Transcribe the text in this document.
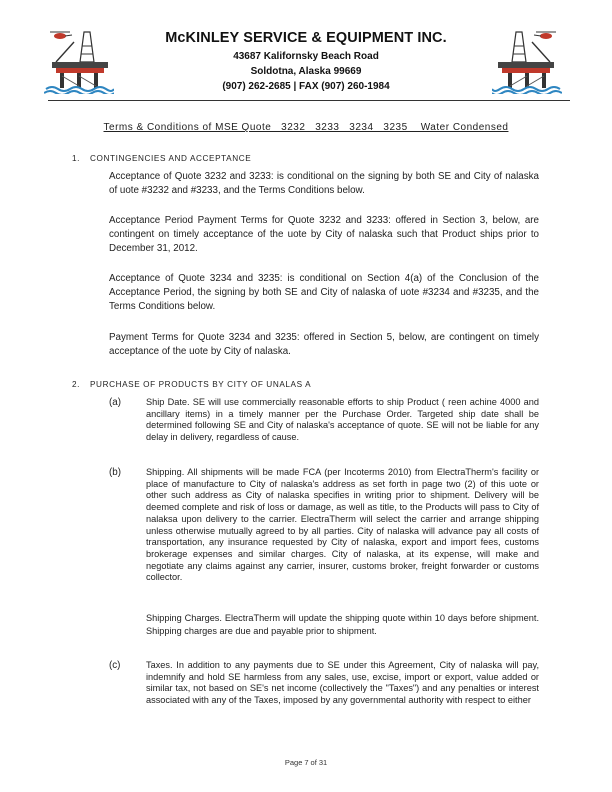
McKINLEY SERVICE & EQUIPMENT INC.
43687 Kalifornsky Beach Road
Soldotna, Alaska 99669
(907) 262-2685 | FAX (907) 260-1984
Terms & Conditions of MSE Quote   3232   3233   3234   3235    Water Condensed
1. CONTINGENCIES AND ACCEPTANCE
Acceptance of Quote 3232 and 3233: is conditional on the signing by both SE and City of nalaska of uote #3232 and #3233, and the Terms Conditions below.
Acceptance Period Payment Terms for Quote 3232 and 3233: offered in Section 3, below, are contingent on timely acceptance of the uote by City of nalaska such that Product ships prior to December 31, 2012.
Acceptance of Quote 3234 and 3235: is conditional on Section 4(a) of the Conclusion of the Acceptance Period, the signing by both SE and City of nalaska of uote #3234 and #3235, and the Terms Conditions below.
Payment Terms for Quote 3234 and 3235: offered in Section 5, below, are contingent on timely acceptance of the uote by City of nalaska.
2. PURCHASE OF PRODUCTS BY CITY OF UNALAS A
(a)	Ship Date. SE will use commercially reasonable efforts to ship Product ( reen achine 4000 and ancillary items) in a timely manner per the Purchase Order. Targeted ship date shall be determined following SE and City of nalaska's acceptance of quote. SE will not be liable for any delay in delivery, regardless of cause.
(b)	Shipping. All shipments will be made FCA (per Incoterms 2010) from ElectraTherm's facility or place of manufacture to City of nalaska's address as set forth in page two (2) of this uote or other such address as City of nalaska specifies in writing prior to shipment. Delivery will be deemed complete and risk of loss or damage, as well as title, to the Products will pass to City of nalaksa upon delivery to the carrier. ElectraTherm will select the carrier and arrange shipping unless otherwise mutually agreed to by all parties. City of nalaska will advance pay all costs of transportation, any insurance requested by City of nalaska, export and import fees, customs brokerage expenses and similar charges. City of nalaska, at its expense, will make and negotiate any claims against any carrier, insurer, customs broker, freight forwarder or customs collector.
Shipping Charges. ElectraTherm will update the shipping quote within 10 days before shipment. Shipping charges are due and payable prior to shipment.
(c)	Taxes. In addition to any payments due to SE under this Agreement, City of nalaska will pay, indemnify and hold SE harmless from any sales, use, excise, import or export, value added or similar tax, not based on SE's net income (collectively the "Taxes") and any penalties or interest associated with any of the Taxes, imposed by any governmental authority with respect to either
Page 7 of 31
